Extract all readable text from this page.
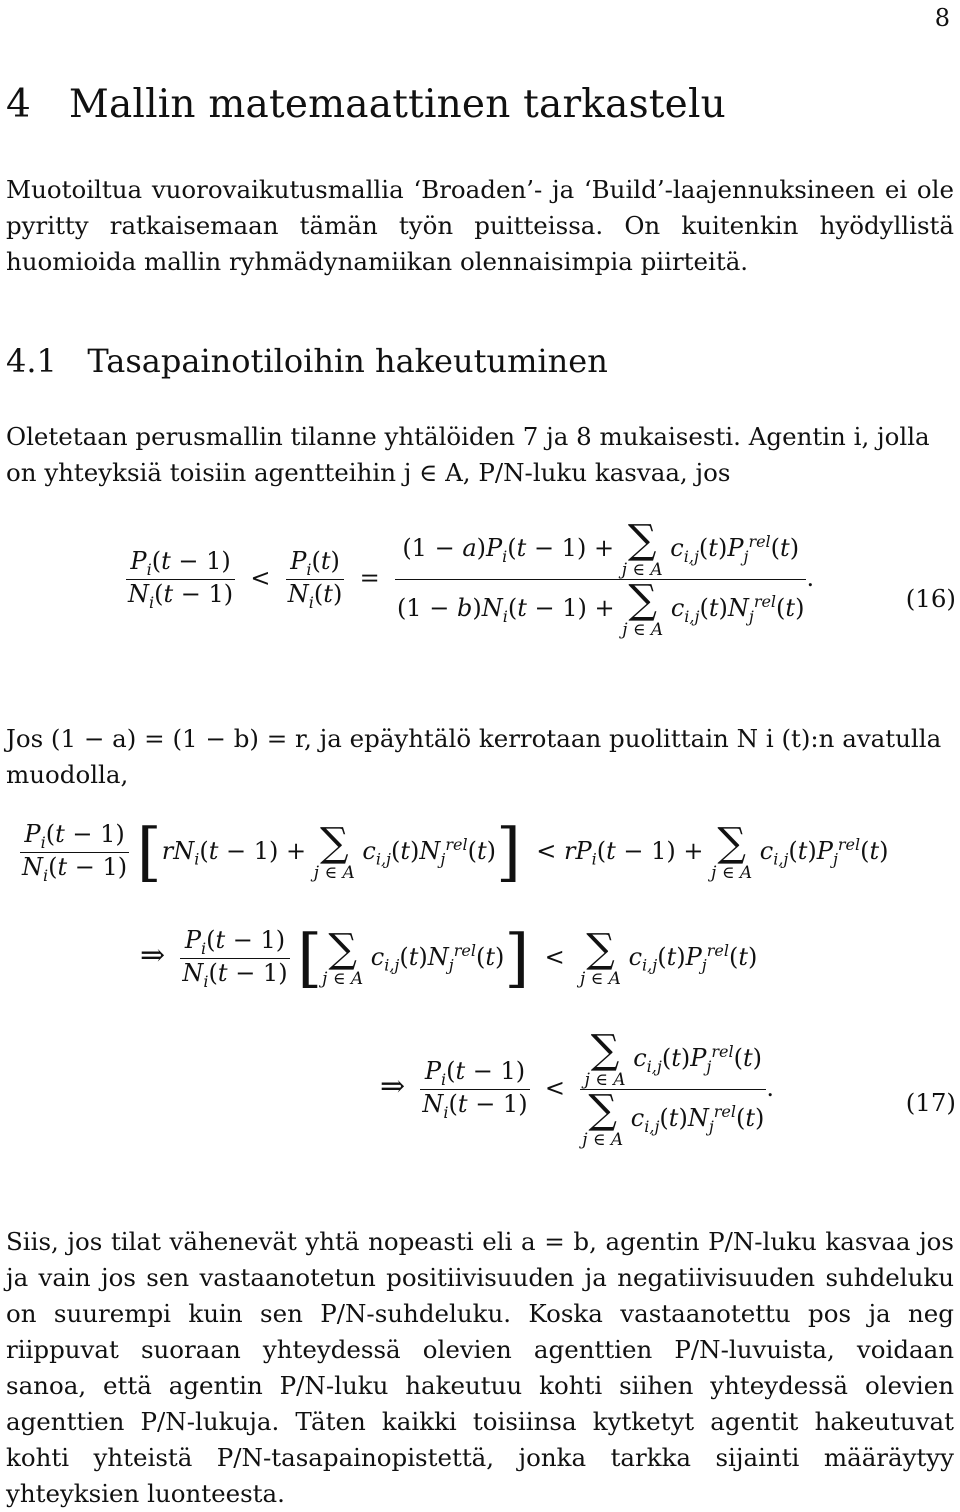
8
4 Mallin matemaattinen tarkastelu
Muotoiltua vuorovaikutusmallia ‘Broaden’- ja ‘Build’-laajennuksineen ei ole pyritty ratkaisemaan tämän työn puitteissa. On kuitenkin hyödyllistä huomioida mallin ryhmädynamiikan olennaisimpia piirteitä.
4.1 Tasapainotiloihin hakeutuminen
Oletetaan perusmallin tilanne yhtälöiden 7 ja 8 mukaisesti. Agentin i, jolla
on yhteyksiä toisiin agentteihin j ∈ A, P/N-luku kasvaa, jos
$\frac{P_i(t - 1)}{N_i(t - 1)} < \frac{P_i(t)}{N_i(t)} = (1 - a)P_i(t - 1)$ + ∑
j ∈ A
$c_{i,j}(t)P_j^{rel}(t)$
$(1 - b)N_i(t - 1)$ + ∑
j ∈ A
$c_{i,j}(t)N_j^{rel}(t)$ .
(16)
Jos (1 − a) = (1 − b) = r, ja epäyhtälö kerrotaan puolittain N i (t):n avatulla
muodolla,
$\frac{P_i(t - 1)}{N_i(t - 1)} [rN_i(t - 1)$ + ∑
j ∈ A
$c_{i,j}(t)N_j^{rel}(t)] < rP_i(t - 1)$ + ∑
j ∈ A
$c_{i,j}(t)P_j^{rel}(t)$
⇒ $\frac{P_i(t - 1)}{N_i(t - 1)}$ [ ∑
j ∈ A
$c_{i,j}(t)N_j^{rel}(t)$]  < ∑
j ∈ A
$c_{i,j}(t)P_j^{rel}(t)$
⇒ $\frac{P_i(t - 1)}{N_i(t - 1)}$ < ∑
j ∈ A
$c_{i,j}(t)P_j^{rel}(t)$
∑
j ∈ A
$c_{i,j}(t)N_j^{rel}(t)$ .	(17)
Siis, jos tilat vähenevät yhtä nopeasti eli a = b, agentin P/N-luku kasvaa jos ja vain jos sen vastaanotetun positiivisuuden ja negatiivisuuden suhdeluku on suurempi kuin sen P/N-suhdeluku. Koska vastaanotettu pos ja neg riippuvat suoraan yhteydessä olevien agenttien P/N-luvuista, voidaan sanoa, että agentin P/N-luku hakeutuu kohti siihen yhteydessä olevien agenttien P/N-lukuja. Täten kaikki toisiinsa kytketyt agentit hakeutuvat kohti yhteistä P/N-tasapainopistettä, jonka tarkka sijainti määräytyy yhteyksien luonteesta.
